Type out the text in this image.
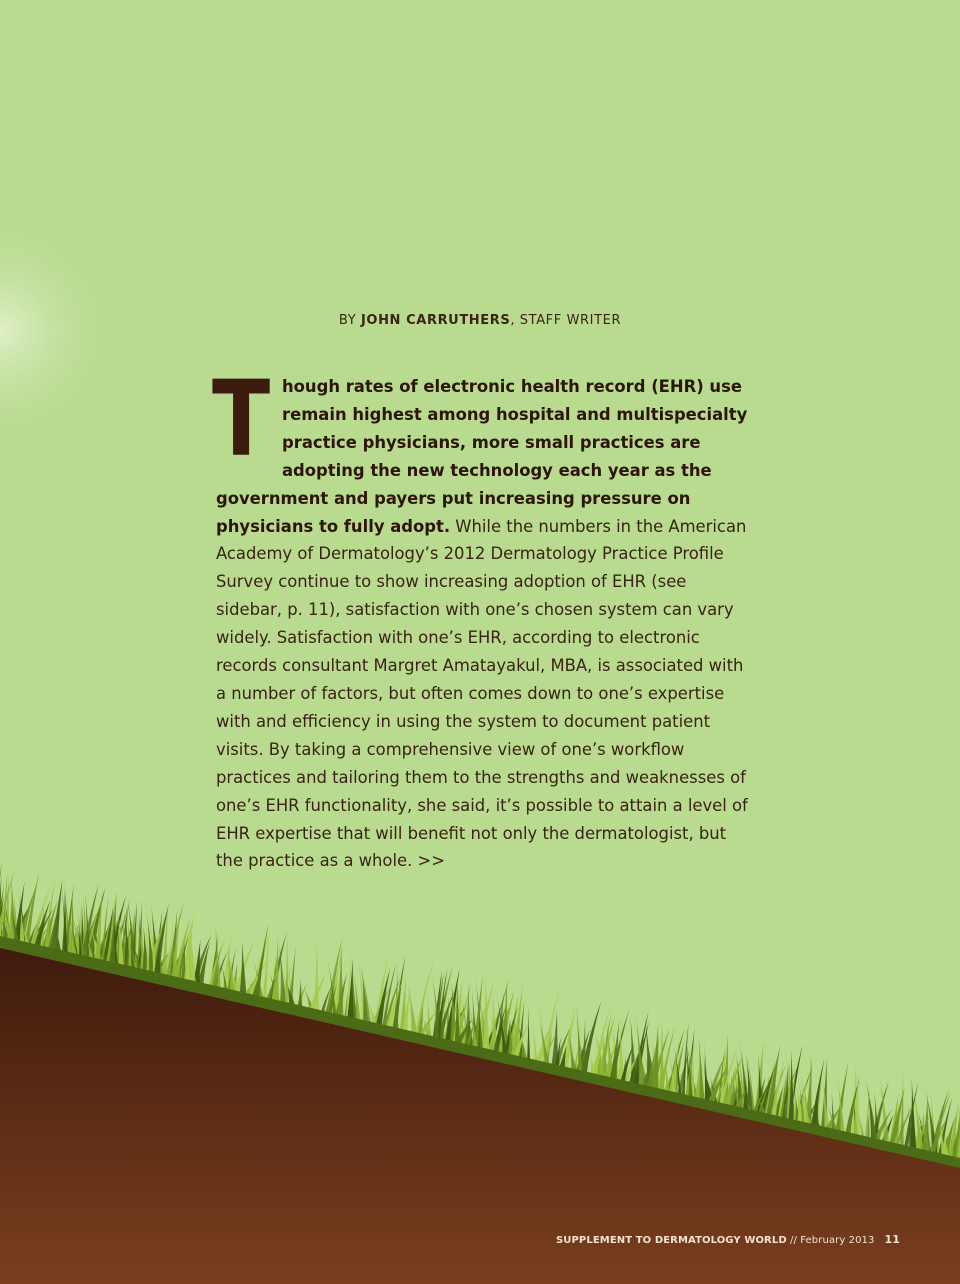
BY JOHN CARRUTHERS, STAFF WRITER
T hough rates of electronic health record (EHR) use remain highest among hospital and multispecialty practice physicians, more small practices are adopting the new technology each year as the government and payers put increasing pressure on physicians to fully adopt. While the numbers in the American Academy of Dermatology’s 2012 Dermatology Practice Profile Survey continue to show increasing adoption of EHR (see sidebar, p. 11), satisfaction with one’s chosen system can vary widely. Satisfaction with one’s EHR, according to electronic records consultant Margret Amatayakul, MBA, is associated with a number of factors, but often comes down to one’s expertise with and efficiency in using the system to document patient visits. By taking a comprehensive view of one’s workflow practices and tailoring them to the strengths and weaknesses of one’s EHR functionality, she said, it’s possible to attain a level of EHR expertise that will benefit not only the dermatologist, but the practice as a whole. >>
SUPPLEMENT TO DERMATOLOGY WORLD // February 2013 11
